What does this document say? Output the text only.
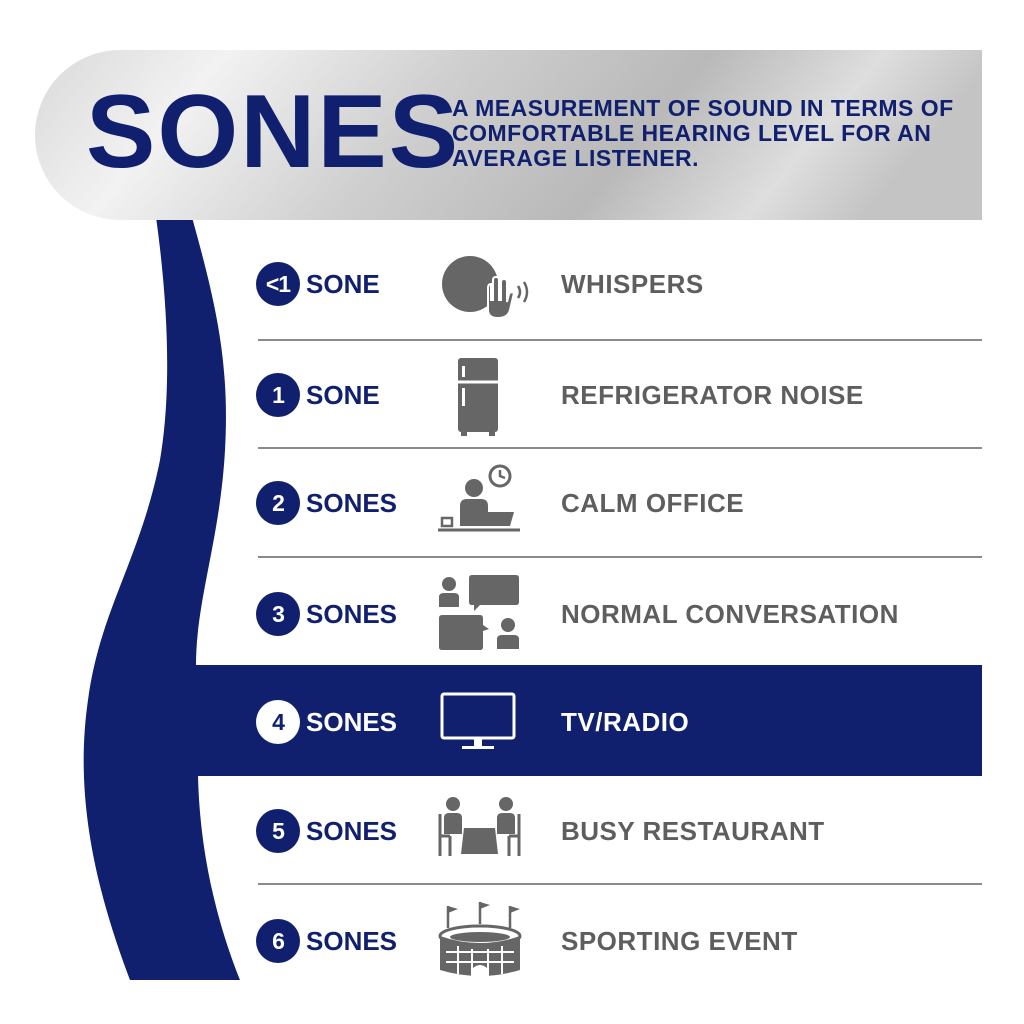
SONES

A MEASUREMENT OF SOUND IN TERMS OF COMFORTABLE HEARING LEVEL FOR AN AVERAGE LISTENER.

<1 SONE	WHISPERS
1 SONE	REFRIGERATOR NOISE
2 SONES	CALM OFFICE
3 SONES	NORMAL CONVERSATION
4 SONES	TV/RADIO
5 SONES	BUSY RESTAURANT
6 SONES	SPORTING EVENT
